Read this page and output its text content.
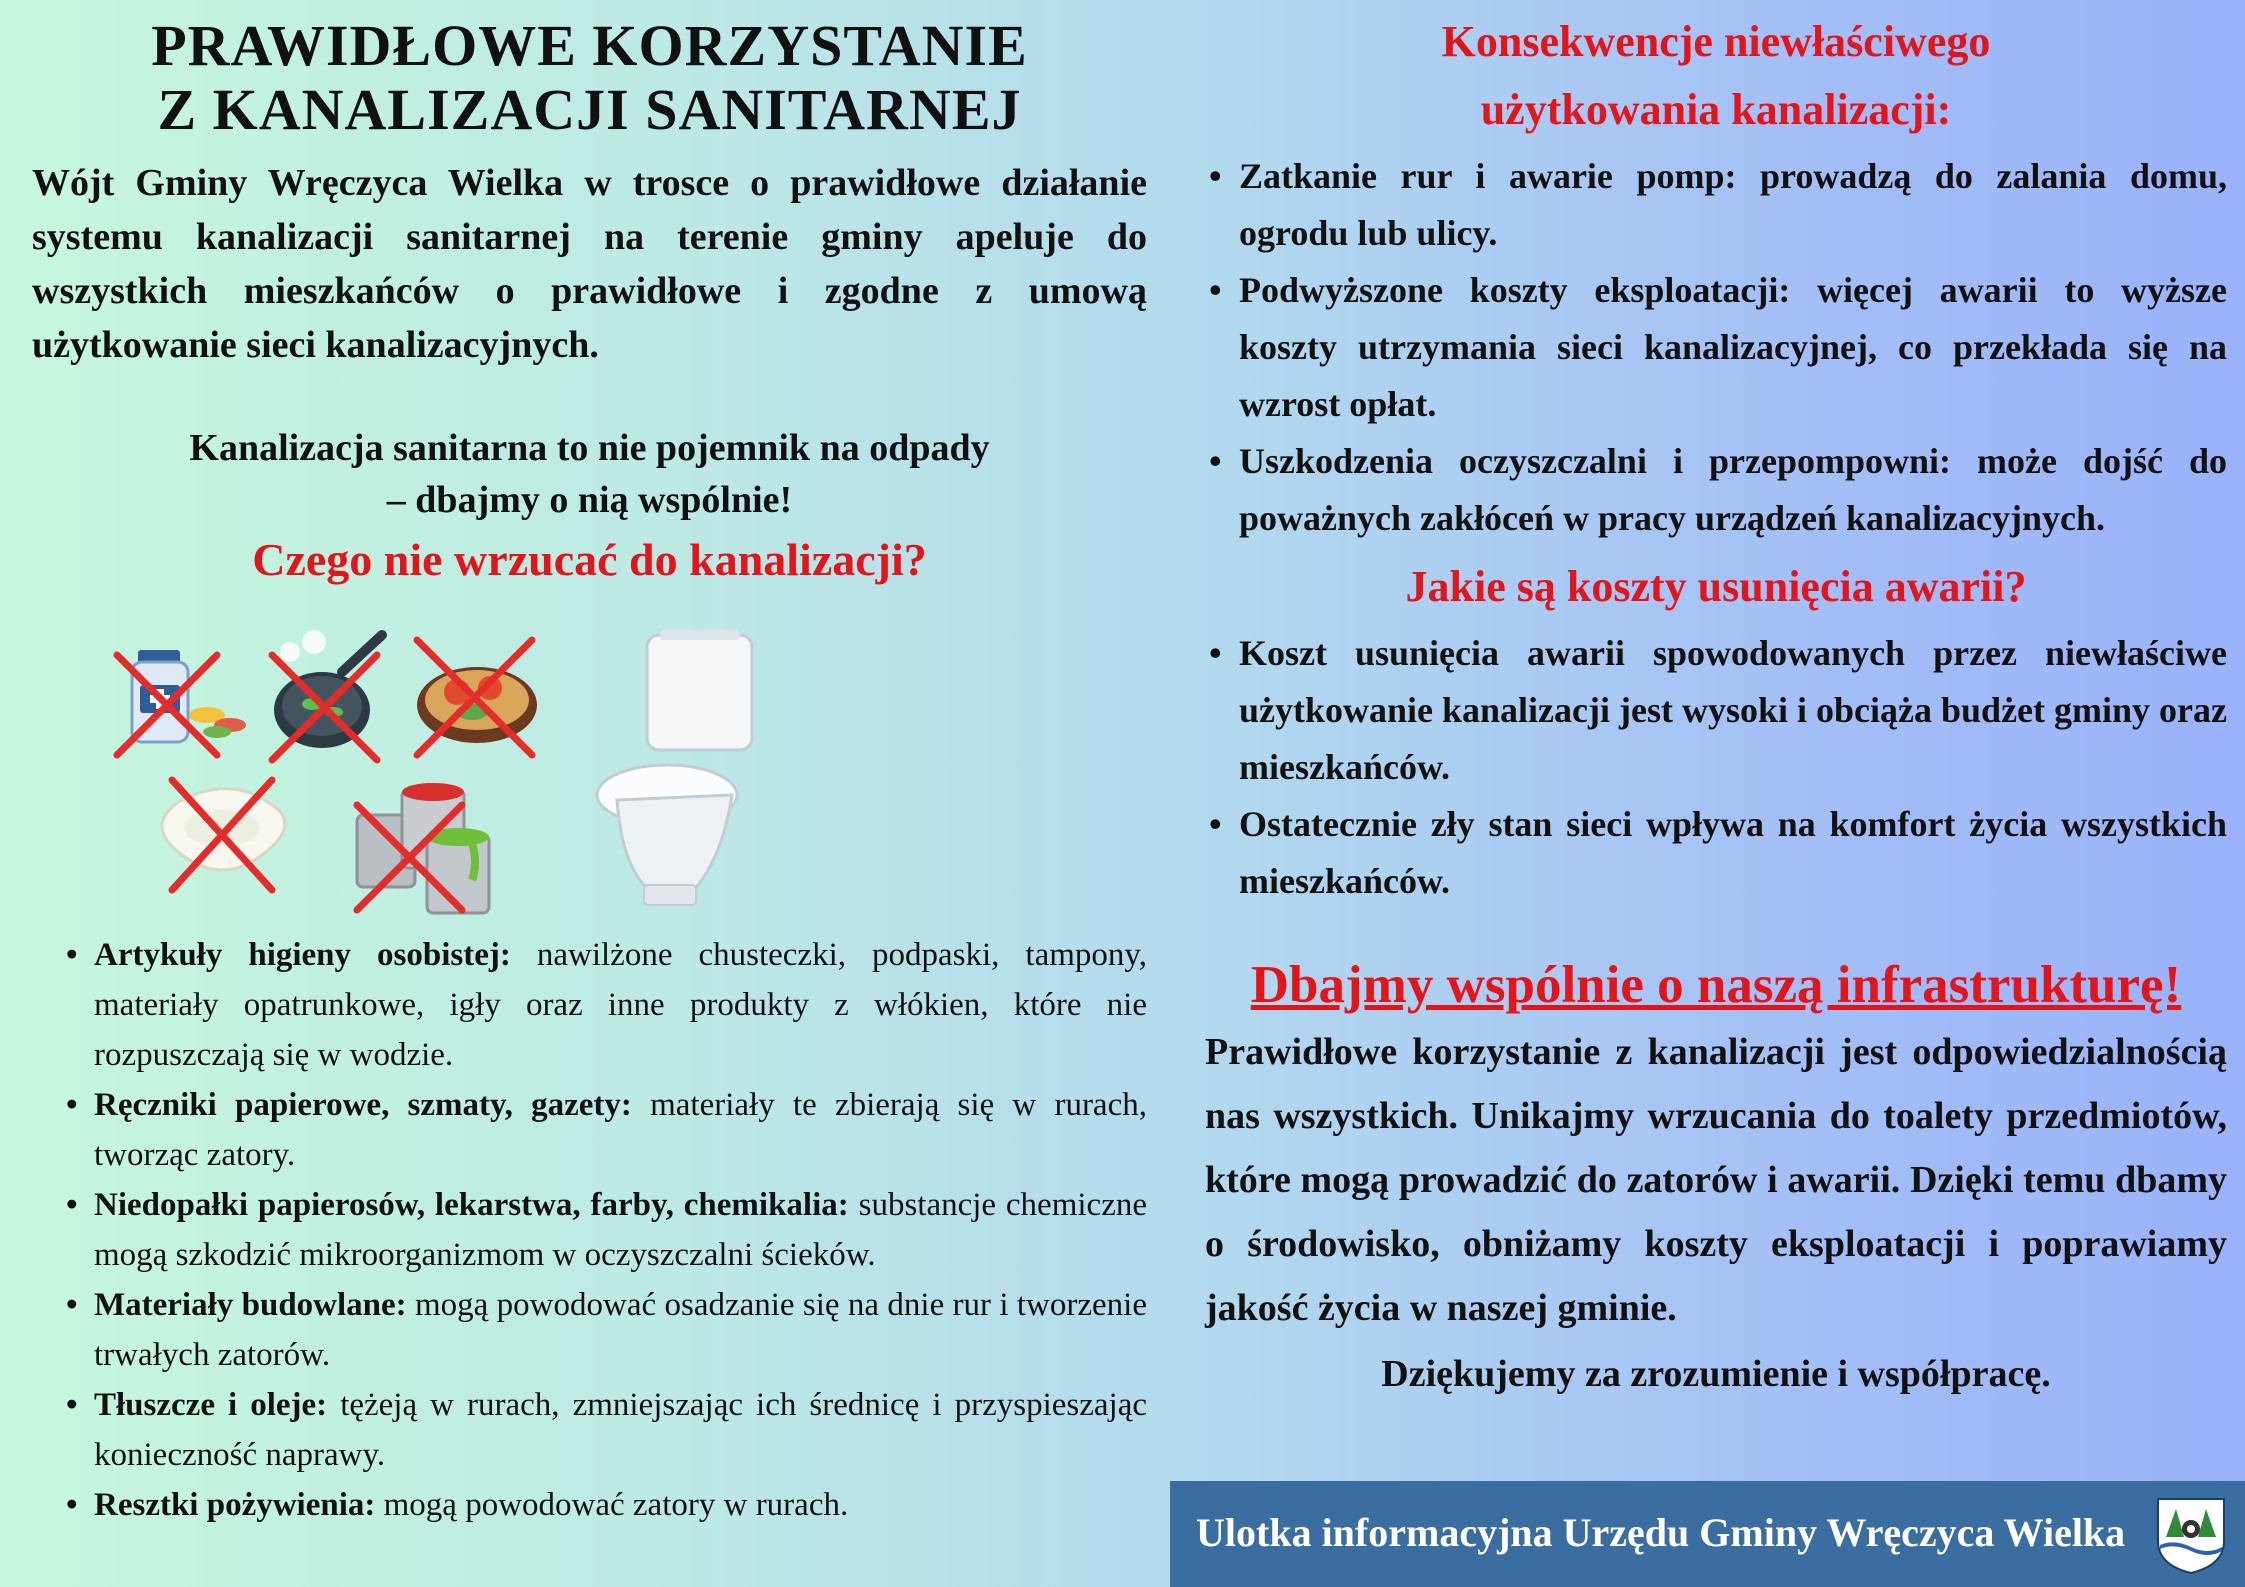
PRAWIDŁOWE KORZYSTANIE
Z KANALIZACJI SANITARNEJ

Wójt Gminy Wręczyca Wielka w trosce o prawidłowe działanie systemu kanalizacji sanitarnej na terenie gminy apeluje do wszystkich mieszkańców o prawidłowe i zgodne z umową użytkowanie sieci kanalizacyjnych.

Kanalizacja sanitarna to nie pojemnik na odpady
– dbajmy o nią wspólnie!

Czego nie wrzucać do kanalizacji?
• Artykuły higieny osobistej: nawilżone chusteczki, podpaski, tampony, materiały opatrunkowe, igły oraz inne produkty z włókien, które nie rozpuszczają się w wodzie.
• Ręczniki papierowe, szmaty, gazety: materiały te zbierają się w rurach, tworząc zatory.
• Niedopałki papierosów, lekarstwa, farby, chemikalia: substancje chemiczne mogą szkodzić mikroorganizmom w oczyszczalni ścieków.
• Materiały budowlane: mogą powodować osadzanie się na dnie rur i tworzenie trwałych zatorów.
• Tłuszcze i oleje: tężeją w rurach, zmniejszając ich średnicę i przyspieszając konieczność naprawy.
• Resztki pożywienia: mogą powodować zatory w rurach.
Konsekwencje niewłaściwego
użytkowania kanalizacji:
• Zatkanie rur i awarie pomp: prowadzą do zalania domu, ogrodu lub ulicy.
• Podwyższone koszty eksploatacji: więcej awarii to wyższe koszty utrzymania sieci kanalizacyjnej, co przekłada się na wzrost opłat.
• Uszkodzenia oczyszczalni i przepompowni: może dojść do poważnych zakłóceń w pracy urządzeń kanalizacyjnych.
Jakie są koszty usunięcia awarii?
• Koszt usunięcia awarii spowodowanych przez niewłaściwe użytkowanie kanalizacji jest wysoki i obciąża budżet gminy oraz mieszkańców.
• Ostatecznie zły stan sieci wpływa na komfort życia wszystkich mieszkańców.
Dbajmy wspólnie o naszą infrastrukturę!

Prawidłowe korzystanie z kanalizacji jest odpowiedzialnością nas wszystkich. Unikajmy wrzucania do toalety przedmiotów, które mogą prowadzić do zatorów i awarii. Dzięki temu dbamy o środowisko, obniżamy koszty eksploatacji i poprawiamy jakość życia w naszej gminie.

Dziękujemy za zrozumienie i współpracę.

Ulotka informacyjna Urzędu Gminy Wręczyca Wielka
